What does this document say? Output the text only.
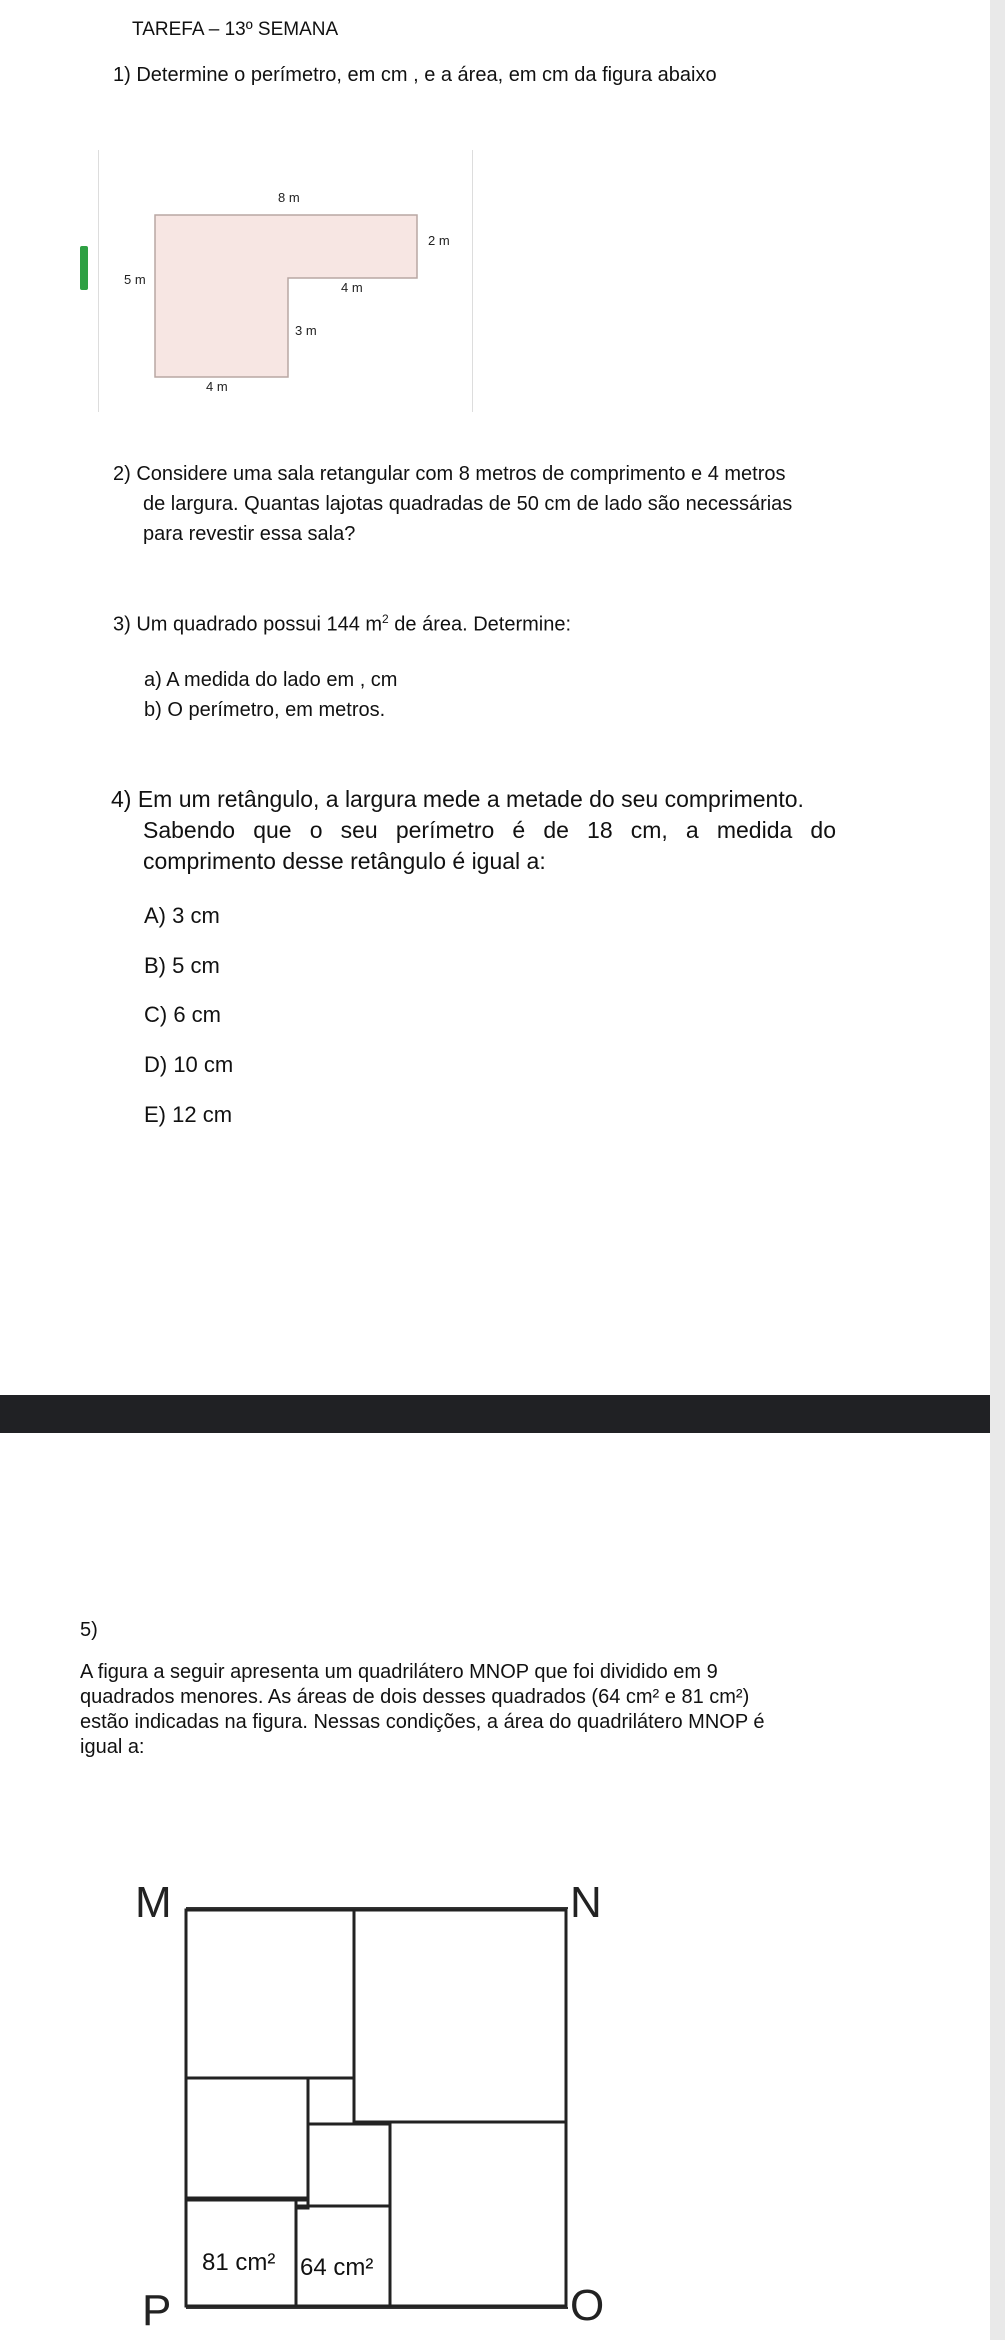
TAREFA – 13º SEMANA
1) Determine o perímetro, em cm , e a área, em cm da figura abaixo
8 m
2 m
5 m
4 m
3 m
4 m
2) Considere uma sala retangular com 8 metros de comprimento e 4 metros
de largura. Quantas lajotas quadradas de 50 cm de lado são necessárias
para revestir essa sala?
3) Um quadrado possui 144 $m^2$ de área. Determine:
a) A medida do lado em , cm
b) O perímetro, em metros.
4) Em um retângulo, a largura mede a metade do seu comprimento.
Sabendo que o seu perímetro é de 18 cm, a medida do
comprimento desse retângulo é igual a:
A) 3 cm
B) 5 cm
C) 6 cm
D) 10 cm
E) 12 cm
5)
A figura a seguir apresenta um quadrilátero MNOP que foi dividido em 9
quadrados menores. As áreas de dois desses quadrados (64 cm² e 81 cm²)
estão indicadas na figura. Nessas condições, a área do quadrilátero MNOP é
igual a:
M	N
P	O
81 cm² 64 cm²
